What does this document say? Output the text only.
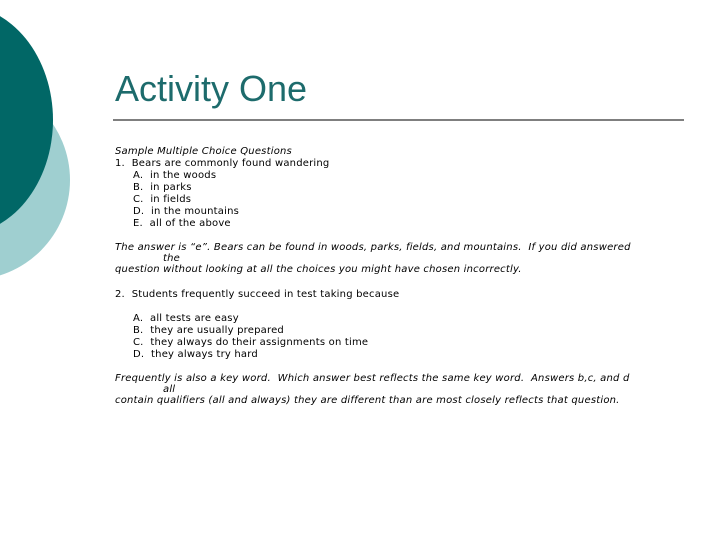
Activity One
Sample Multiple Choice Questions
1.  Bears are commonly found wandering
A.  in the woods
B.  in parks
C.  in fields
D.  in the mountains
E.  all of the above
The answer is “e”. Bears can be found in woods, parks, fields, and mountains.  If you did answered
the
question without looking at all the choices you might have chosen incorrectly.
2.  Students frequently succeed in test taking because
A.  all tests are easy
B.  they are usually prepared
C.  they always do their assignments on time
D.  they always try hard
Frequently is also a key word.  Which answer best reflects the same key word.  Answers b,c, and d
all
contain qualifiers (all and always) they are different than are most closely reflects that question.
